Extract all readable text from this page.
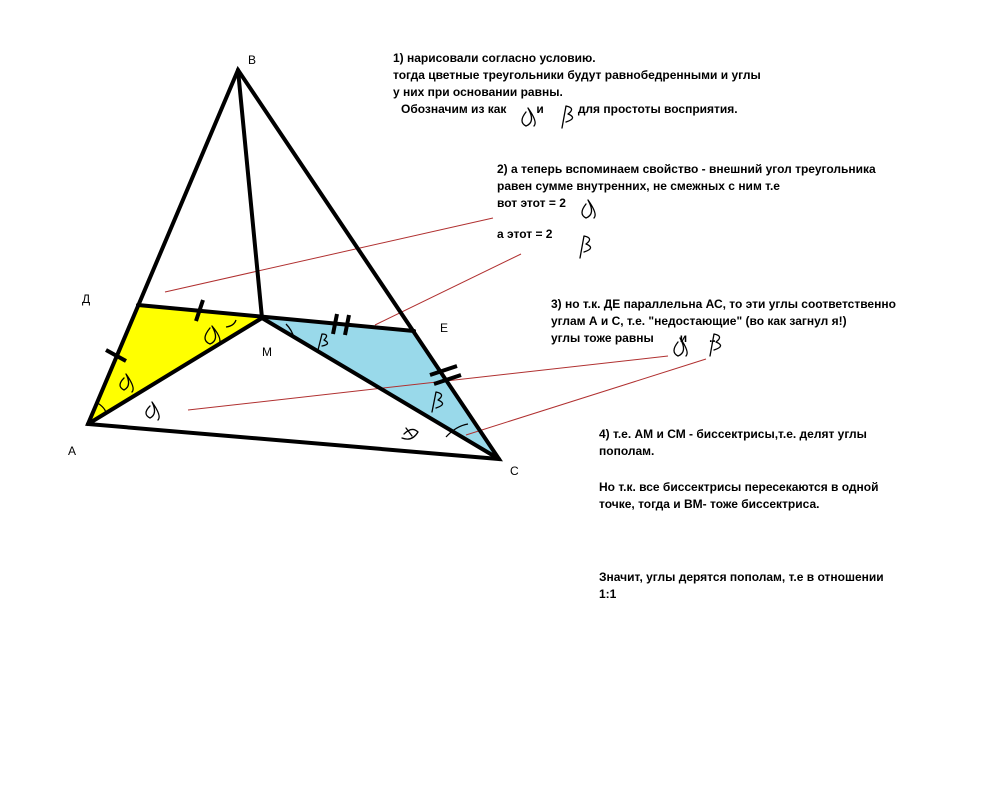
В
Д
М
Е
А
С
1) нарисовали согласно условию.
тогда цветные треугольники будут равнобедренными и углы
у них при основании равны.
Обозначим из как	и	для простоты восприятия.
2) а теперь вспоминаем свойство - внешний угол треугольника
равен сумме внутренних, не смежных с ним т.е
вот этот = 2
а этот = 2
3) но т.к. ДЕ параллельна АС, то эти углы соответственно
углам А и С, т.е. "недостающие" (во как загнул я!)
углы тоже равны и ..
4) т.е. АМ и СМ - биссектрисы,т.е. делят углы
пополам.
Но т.к. все биссектрисы пересекаются в одной
точке, тогда и ВМ- тоже биссектриса.
Значит, углы дерятся пополам, т.е в отношении
1:1
